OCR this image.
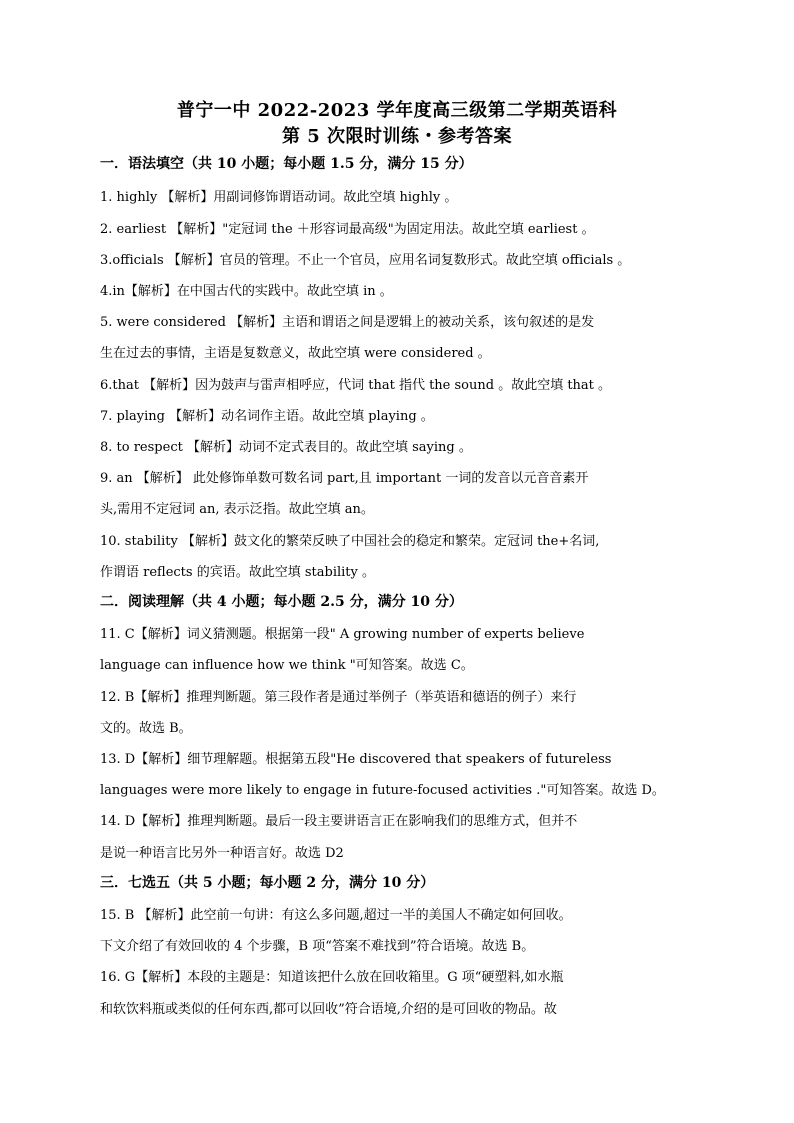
普宁一中 2022-2023 学年度高三级第二学期英语科
第 5 次限时训练・参考答案
一．语法填空（共 10 小题；每小题 1.5 分，满分 15 分）
1. highly 【解析】用副词修饰谓语动词。故此空填 highly 。
2. earliest 【解析】"定冠词 the ＋形容词最高级"为固定用法。故此空填 earliest 。
3.officials 【解析】官员的管理。不止一个官员，应用名词复数形式。故此空填 officials 。
4.in【解析】在中国古代的实践中。故此空填 in 。
5. were considered 【解析】主语和谓语之间是逻辑上的被动关系，该句叙述的是发
生在过去的事情，主语是复数意义，故此空填 were considered 。
6.that 【解析】因为鼓声与雷声相呼应，代词 that 指代 the sound 。故此空填 that 。
7. playing 【解析】动名词作主语。故此空填 playing 。
8. to respect 【解析】动词不定式表目的。故此空填 saying 。
9. an 【解析】 此处修饰单数可数名词 part,且 important 一词的发音以元音音素开
头,需用不定冠词 an, 表示泛指。故此空填 an。
10. stability 【解析】鼓文化的繁荣反映了中国社会的稳定和繁荣。定冠词 the+名词,
作谓语 reflects 的宾语。故此空填 stability 。
二．阅读理解（共 4 小题；每小题 2.5 分，满分 10 分）
11. C【解析】词义猜测题。根据第一段" A growing number of experts believe
language can influence how we think "可知答案。故选 C。
12. B【解析】推理判断题。第三段作者是通过举例子（举英语和德语的例子）来行
文的。故选 B。
13. D【解析】细节理解题。根据第五段"He discovered that speakers of futureless
languages were more likely to engage in future-focused activities ."可知答案。故选 D。
14. D【解析】推理判断题。最后一段主要讲语言正在影响我们的思维方式，但并不
是说一种语言比另外一种语言好。故选 D2
三．七选五（共 5 小题；每小题 2 分，满分 10 分）
15. B 【解析】此空前一句讲：有这么多问题,超过一半的美国人不确定如何回收。
下文介绍了有效回收的 4 个步骤，B 项“答案不难找到”符合语境。故选 B。
16. G【解析】本段的主题是：知道该把什么放在回收箱里。G 项“硬塑料,如水瓶
和软饮料瓶或类似的任何东西,都可以回收”符合语境,介绍的是可回收的物品。故
